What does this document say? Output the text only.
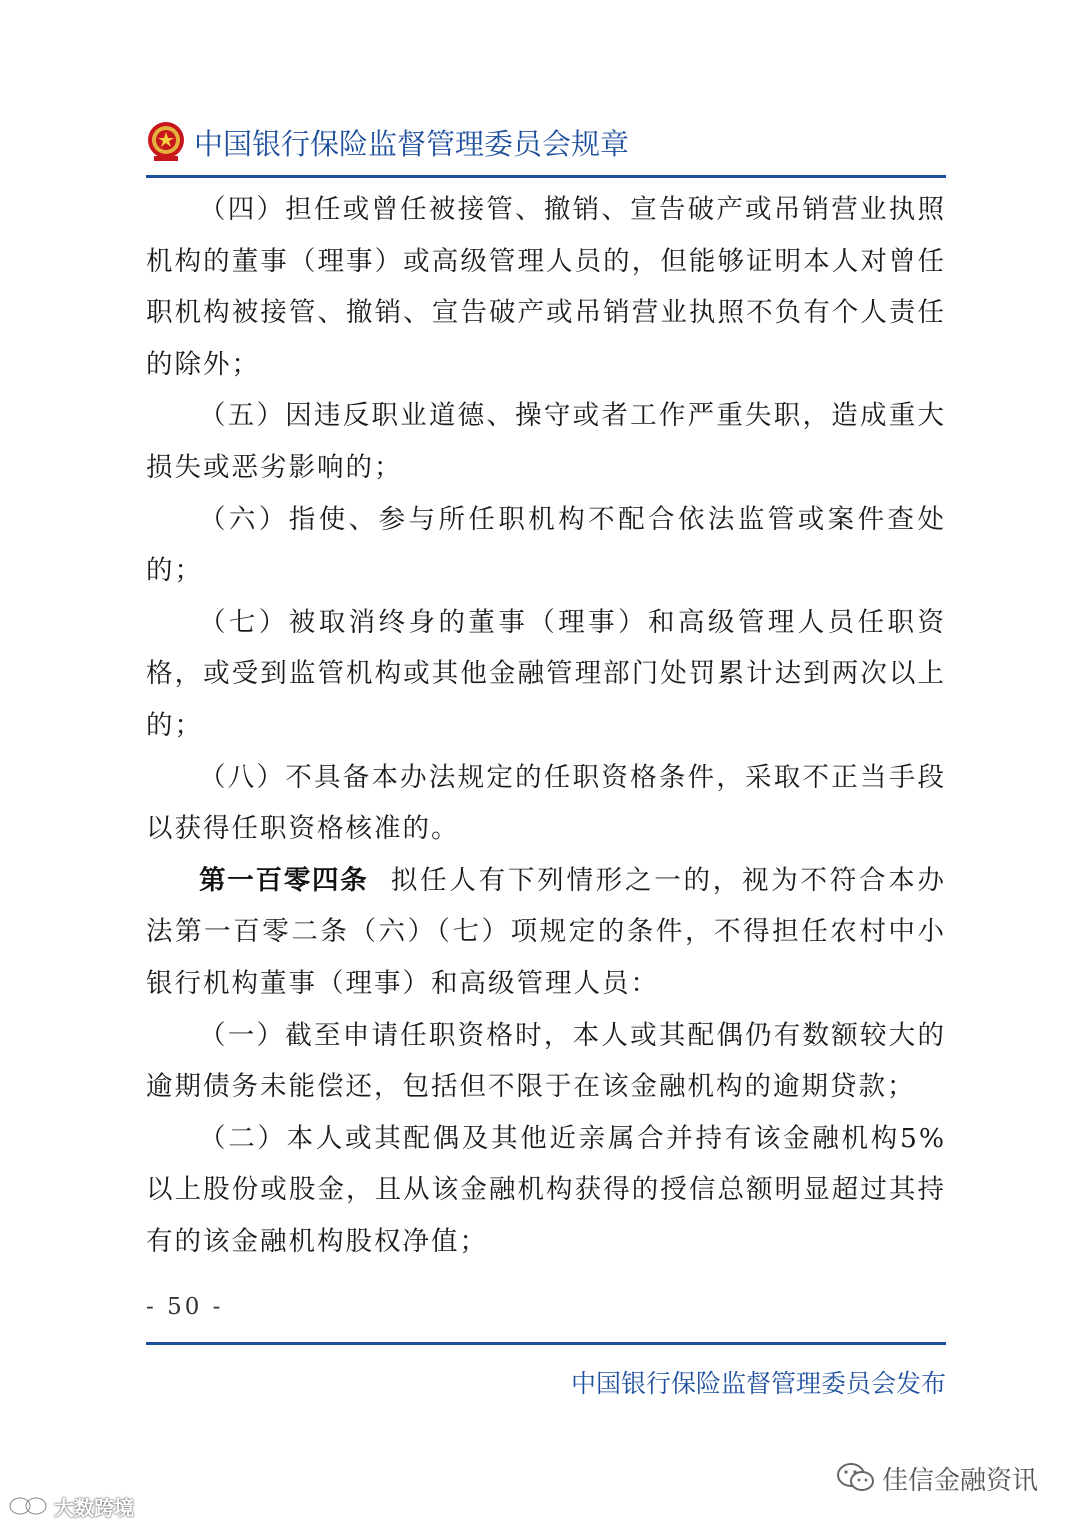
中国银行保险监督管理委员会规章

（四）担任或曾任被接管、撤销、宣告破产或吊销营业执照机构的董事（理事）或高级管理人员的，但能够证明本人对曾任职机构被接管、撤销、宣告破产或吊销营业执照不负有个人责任的除外；

（五）因违反职业道德、操守或者工作严重失职，造成重大损失或恶劣影响的；

（六）指使、参与所任职机构不配合依法监管或案件查处的；

（七）被取消终身的董事（理事）和高级管理人员任职资格，或受到监管机构或其他金融管理部门处罚累计达到两次以上的；

（八）不具备本办法规定的任职资格条件，采取不正当手段以获得任职资格核准的。

第一百零四条 拟任人有下列情形之一的，视为不符合本办法第一百零二条（六）（七）项规定的条件，不得担任农村中小银行机构董事（理事）和高级管理人员：

（一）截至申请任职资格时，本人或其配偶仍有数额较大的逾期债务未能偿还，包括但不限于在该金融机构的逾期贷款；

（二）本人或其配偶及其他近亲属合并持有该金融机构5%以上股份或股金，且从该金融机构获得的授信总额明显超过其持有的该金融机构股权净值；

- 50 -
中国银行保险监督管理委员会发布
佳信金融资讯
大数跨境
